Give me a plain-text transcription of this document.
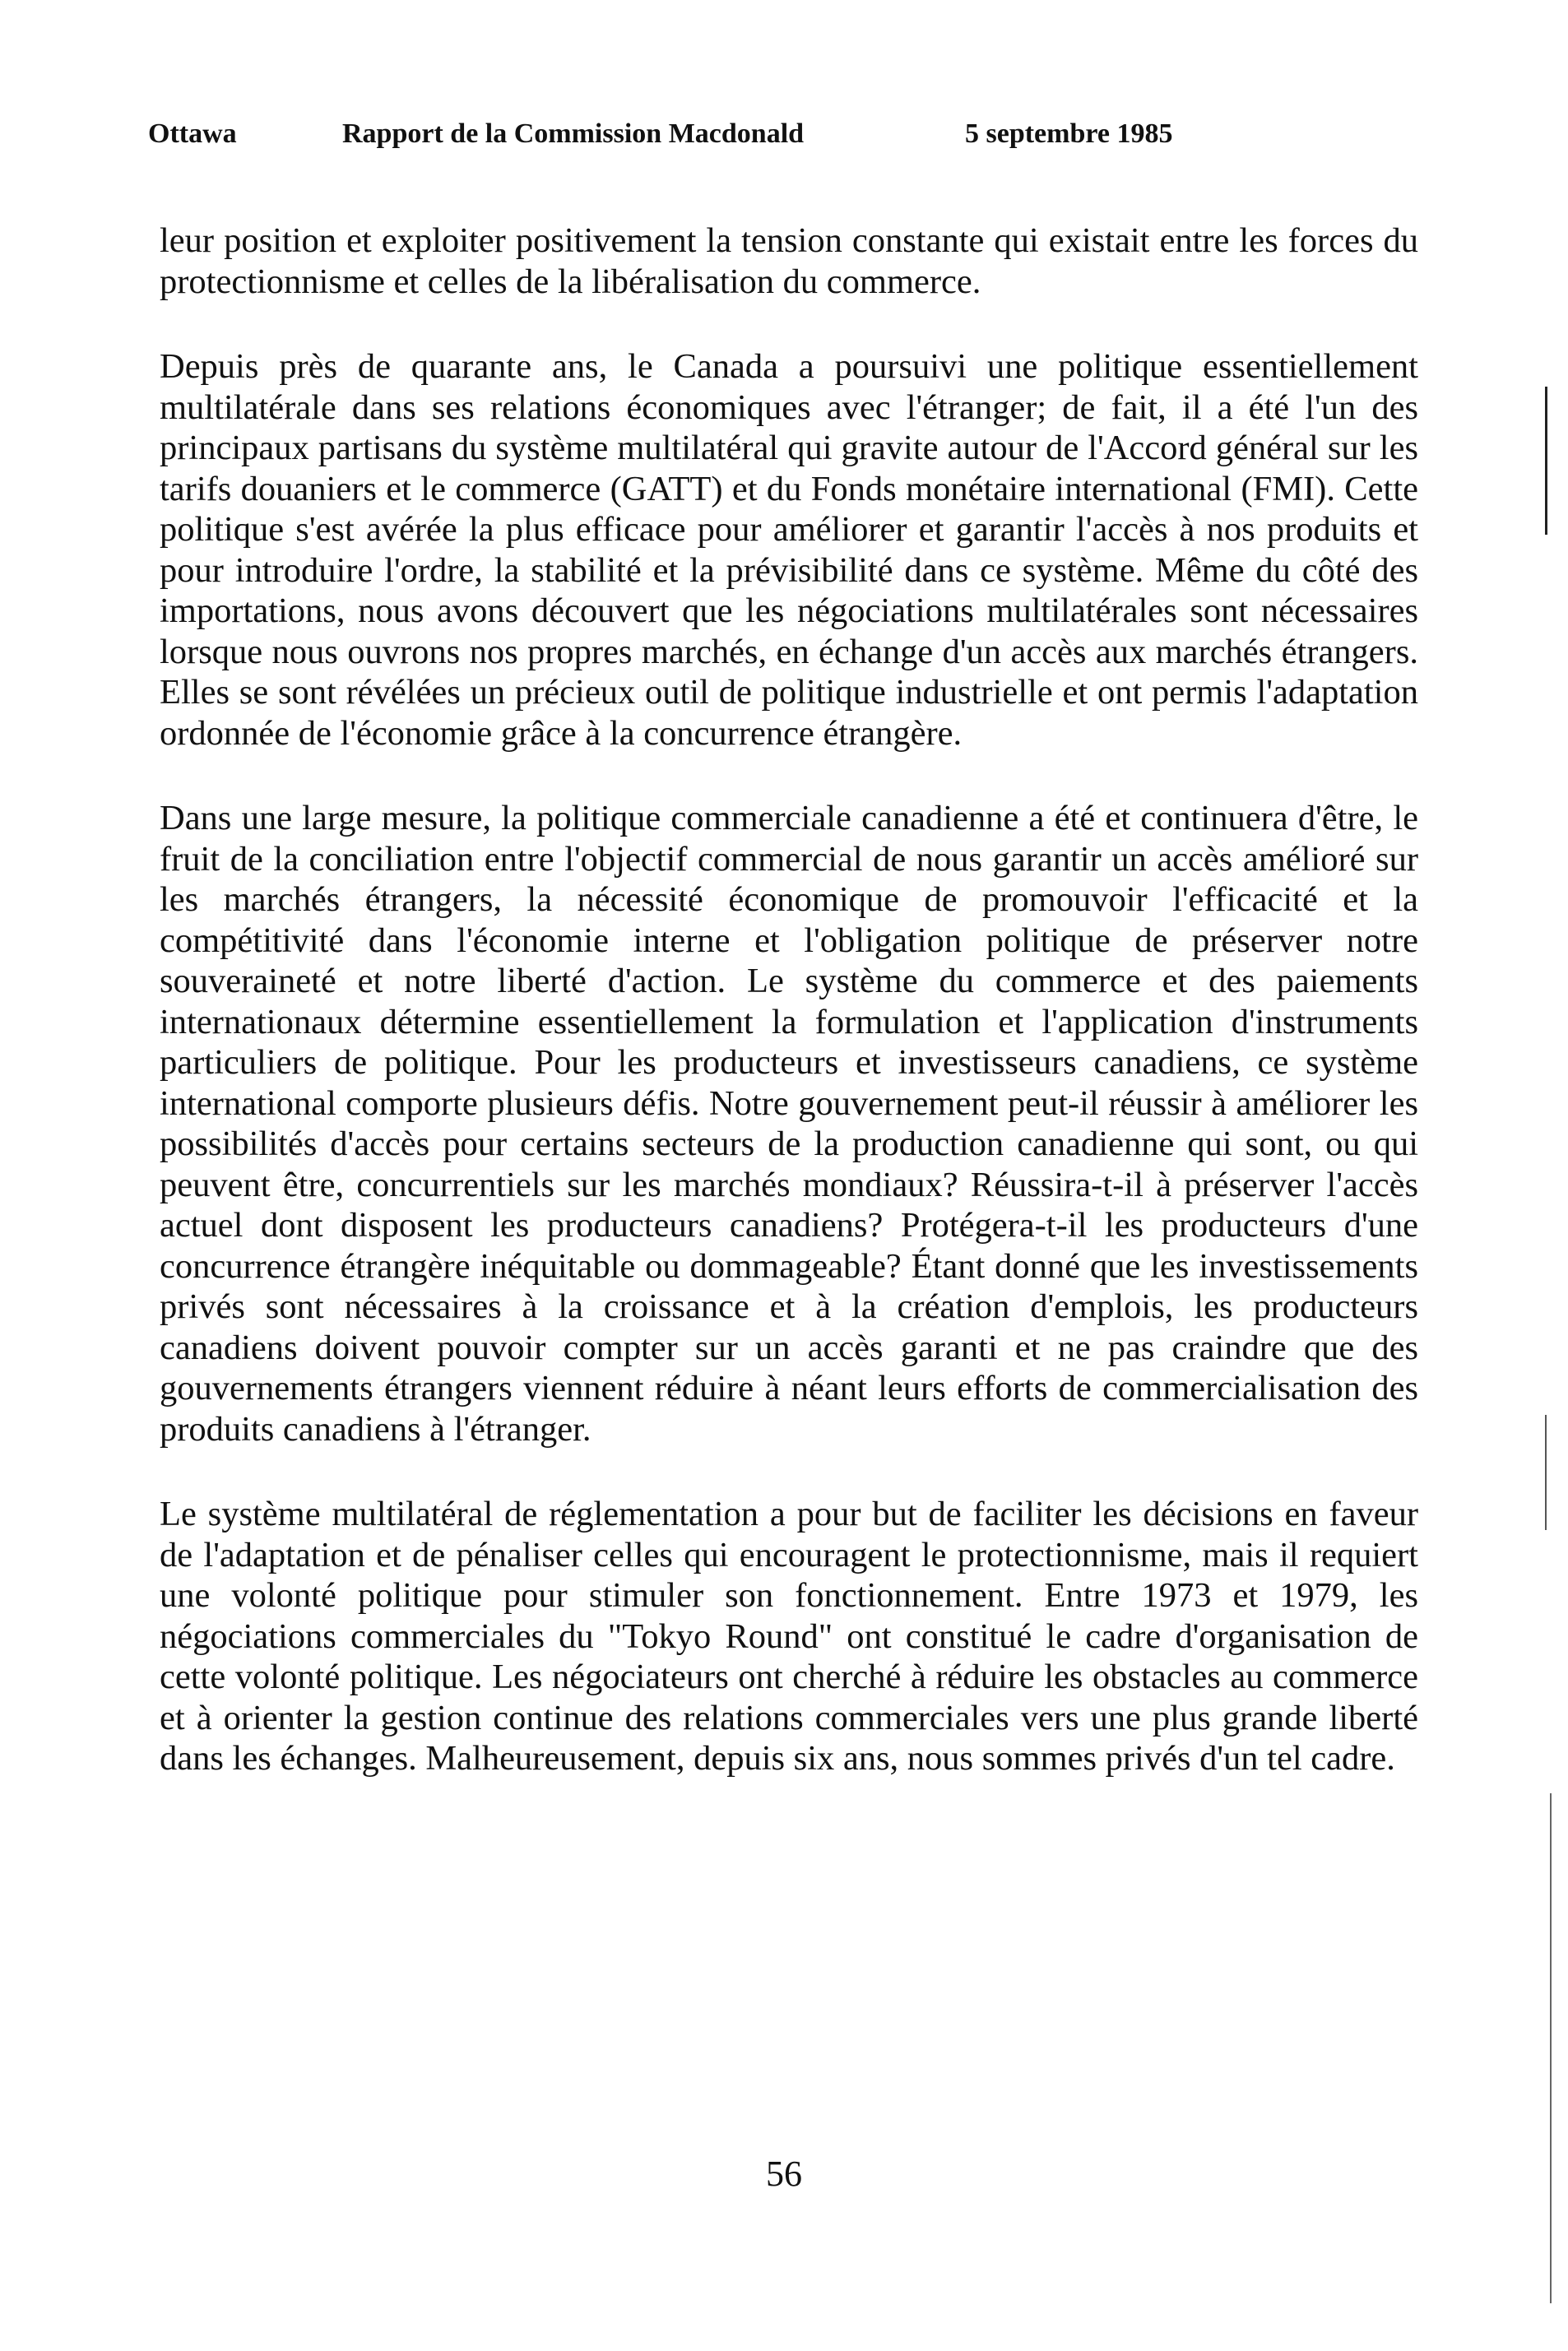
Ottawa	Rapport de la Commission Macdonald	5 septembre 1985

leur position et exploiter positivement la tension constante qui existait entre les forces du protectionnisme et celles de la libéralisation du commerce.

Depuis près de quarante ans, le Canada a poursuivi une politique essentiellement multilatérale dans ses relations économiques avec l'étranger; de fait, il a été l'un des principaux partisans du système multilatéral qui gravite autour de l'Accord général sur les tarifs douaniers et le commerce (GATT) et du Fonds monétaire international (FMI). Cette politique s'est avérée la plus efficace pour améliorer et garantir l'accès à nos produits et pour introduire l'ordre, la stabilité et la prévisibilité dans ce système. Même du côté des importations, nous avons découvert que les négociations multilatérales sont nécessaires lorsque nous ouvrons nos propres marchés, en échange d'un accès aux marchés étrangers. Elles se sont révélées un précieux outil de politique industrielle et ont permis l'adaptation ordonnée de l'économie grâce à la concurrence étrangère.

Dans une large mesure, la politique commerciale canadienne a été et continuera d'être, le fruit de la conciliation entre l'objectif commercial de nous garantir un accès amélioré sur les marchés étrangers, la nécessité économique de promouvoir l'efficacité et la compétitivité dans l'économie interne et l'obligation politique de préserver notre souveraineté et notre liberté d'action. Le système du commerce et des paiements internationaux détermine essentiellement la formulation et l'application d'instruments particuliers de politique. Pour les producteurs et investisseurs canadiens, ce système international comporte plusieurs défis. Notre gouvernement peut-il réussir à améliorer les possibilités d'accès pour certains secteurs de la production canadienne qui sont, ou qui peuvent être, concurrentiels sur les marchés mondiaux? Réussira-t-il à préserver l'accès actuel dont disposent les producteurs canadiens? Protégera-t-il les producteurs d'une concurrence étrangère inéquitable ou dommageable? Étant donné que les investissements privés sont nécessaires à la croissance et à la création d'emplois, les producteurs canadiens doivent pouvoir compter sur un accès garanti et ne pas craindre que des gouvernements étrangers viennent réduire à néant leurs efforts de commercialisation des produits canadiens à l'étranger.

Le système multilatéral de réglementation a pour but de faciliter les décisions en faveur de l'adaptation et de pénaliser celles qui encouragent le protectionnisme, mais il requiert une volonté politique pour stimuler son fonctionnement. Entre 1973 et 1979, les négociations commerciales du "Tokyo Round" ont constitué le cadre d'organisation de cette volonté politique. Les négociateurs ont cherché à réduire les obstacles au commerce et à orienter la gestion continue des relations commerciales vers une plus grande liberté dans les échanges. Malheureusement, depuis six ans, nous sommes privés d'un tel cadre.

56
